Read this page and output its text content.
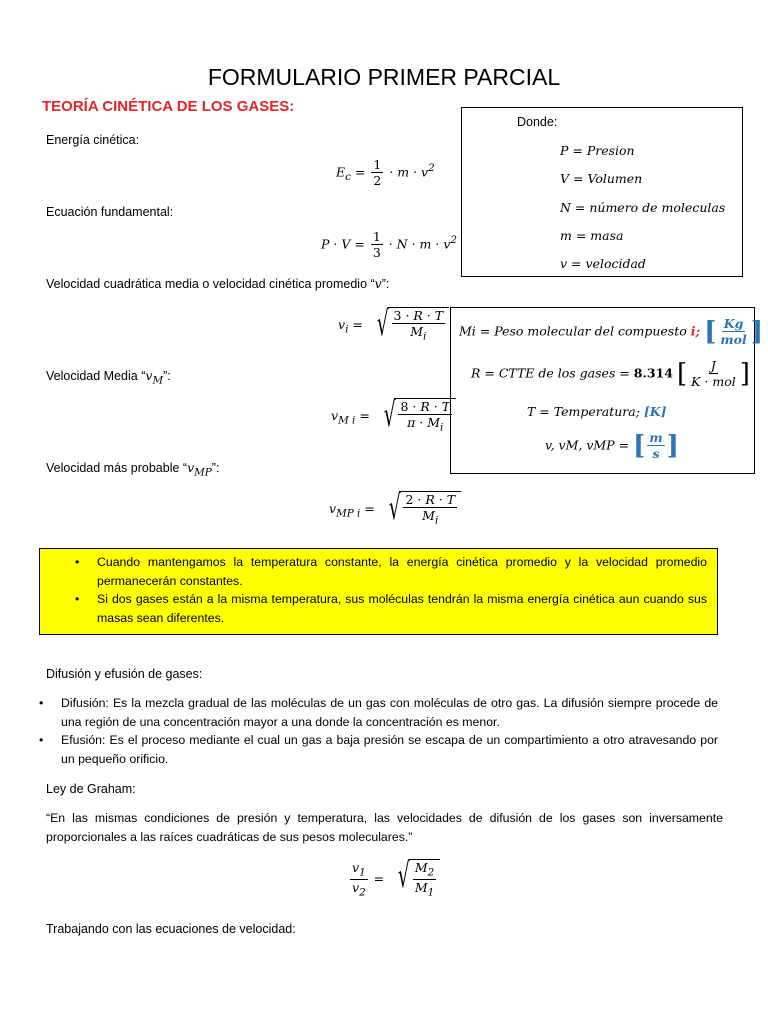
FORMULARIO PRIMER PARCIAL
TEORÍA CINÉTICA DE LOS GASES:
Energía cinética:
$E_c = \frac{1}{2} \cdot m \cdot v^2$
Ecuación fundamental:
$P \cdot V = \frac{1}{3} \cdot N \cdot m \cdot v^2$
Velocidad cuadrática media o velocidad cinética promedio “v”:
$v_i$ = √ $\frac{3 \cdot R \cdot T}{M_i}$
Velocidad Media “$v_M$”:
$v_{M i}$ = √ $\frac{8 \cdot R \cdot T}{\pi \cdot M_i}$
Velocidad más probable “$v_{MP}$”:
$v_{MP i}$ = √ $\frac{2 \cdot R \cdot T}{M_i}$
Donde:
P = Presion
V = Volumen
N = número de moleculas
m = masa
v = velocidad
Mi = Peso molecular del compuesto i; [ $\frac{Kg}{\text{mol}}$ ]
R = CTTE de los gases = 8.314 [ $\frac{J}{\text{K · mol}}$ ]
T = Temperatura; [K]
v, vM, vMP = [ $\frac{m}{s}$ ]
• Cuando mantengamos la temperatura constante, la energía cinética promedio y la velocidad promedio permanecerán constantes.
• Si dos gases están a la misma temperatura, sus moléculas tendrán la misma energía cinética aun cuando sus masas sean diferentes.
Difusión y efusión de gases:
• Difusión: Es la mezcla gradual de las moléculas de un gas con moléculas de otro gas. La difusión siempre procede de una región de una concentración mayor a una donde la concentración es menor.
• Efusión: Es el proceso mediante el cual un gas a baja presión se escapa de un compartimiento a otro atravesando por un pequeño orificio.
Ley de Graham:
“En las mismas condiciones de presión y temperatura, las velocidades de difusión de los gases son inversamente proporcionales a las raíces cuadráticas de sus pesos moleculares.”
$\frac{v_1}{v_2}$ = √ $\frac{M_2}{M_1}$
Trabajando con las ecuaciones de velocidad:
